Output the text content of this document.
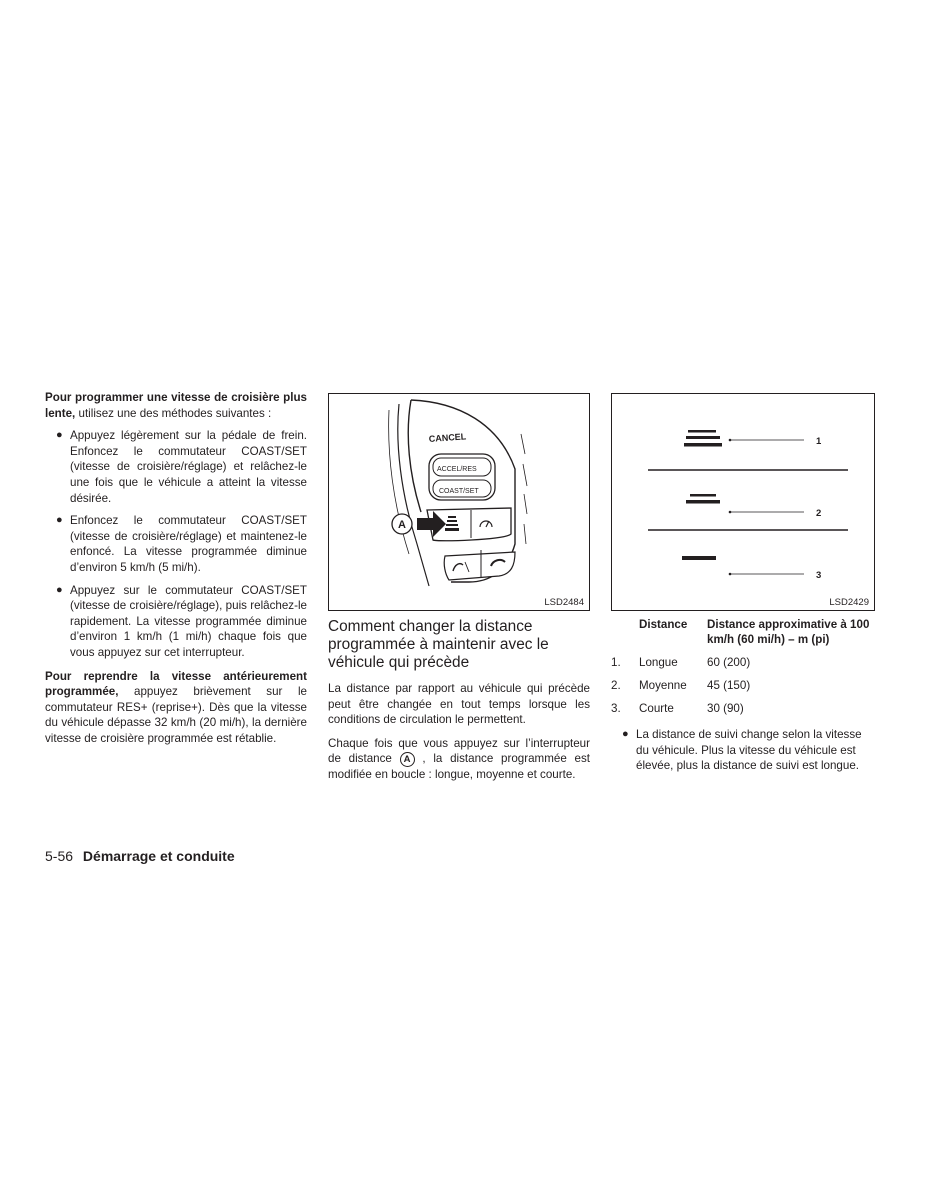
Pour programmer une vitesse de croisière plus lente, utilisez une des méthodes suivantes :

● Appuyez légèrement sur la pédale de frein. Enfoncez le commutateur COAST/SET (vitesse de croisière/réglage) et relâchez-le une fois que le véhicule a atteint la vitesse désirée.
● Enfoncez le commutateur COAST/SET (vitesse de croisière/réglage) et maintenez-le enfoncé. La vitesse programmée diminue d’environ 5 km/h (5 mi/h).
● Appuyez sur le commutateur COAST/SET (vitesse de croisière/réglage), puis relâchez-le rapidement. La vitesse programmée diminue d’environ 1 km/h (1 mi/h) chaque fois que vous appuyez sur cet interrupteur.

Pour reprendre la vitesse antérieurement programmée, appuyez brièvement sur le commutateur RES+ (reprise+). Dès que la vitesse du véhicule dépasse 32 km/h (20 mi/h), la dernière vitesse de croisière programmée est rétablie.

A
CANCEL
ACCEL/RES
COAST/SET
LSD2484
Comment changer la distance programmée à maintenir avec le véhicule qui précède

La distance par rapport au véhicule qui précède peut être changée en tout temps lorsque les conditions de circulation le permettent.

Chaque fois que vous appuyez sur l’interrupteur de distance A , la distance programmée est modifiée en boucle : longue, moyenne et courte.

1
2
3
LSD2429
	Distance	Distance approximative à 100 km/h (60 mi/h) – m (pi)
1.	Longue	60 (200)
2.	Moyenne	45 (150)
3.	Courte	30 (90)
● La distance de suivi change selon la vitesse du véhicule. Plus la vitesse du véhicule est élevée, plus la distance de suivi est longue.
5-56 Démarrage et conduite
